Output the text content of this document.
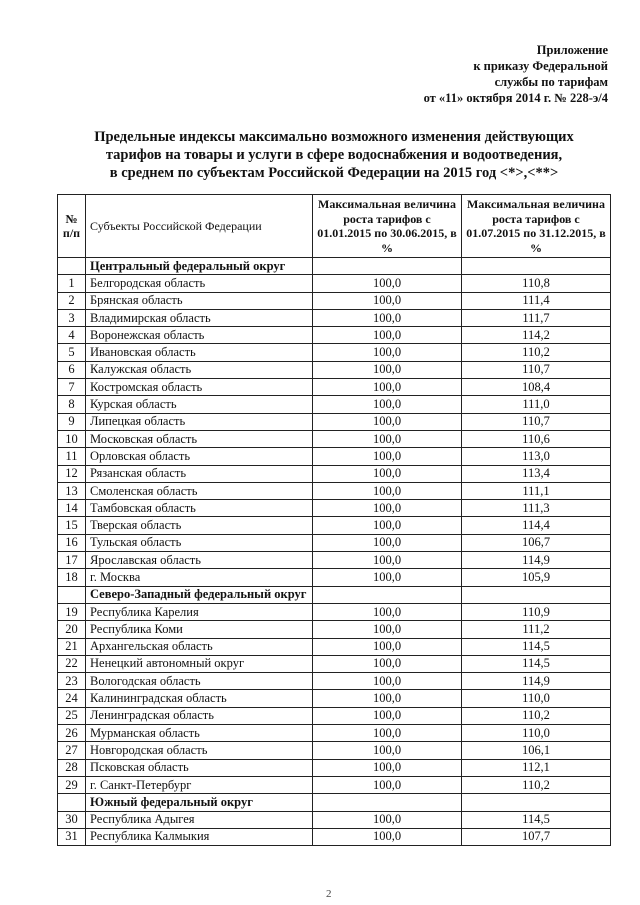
Приложение
к приказу Федеральной
службы по тарифам
от «11» октября 2014 г. № 228-э/4
Предельные индексы максимально возможного изменения действующих
тарифов на товары и услуги в сфере водоснабжения и водоотведения,
в среднем по субъектам Российской Федерации на 2015 год <*>,<**>
№ п/п	Субъекты Российской Федерации	Максимальная величина роста тарифов с 01.01.2015 по 30.06.2015, в %	Максимальная величина роста тарифов с 01.07.2015 по 31.12.2015, в %
	Центральный федеральный округ		
1	Белгородская область	100,0	110,8
2	Брянская область	100,0	111,4
3	Владимирская область	100,0	111,7
4	Воронежская область	100,0	114,2
5	Ивановская область	100,0	110,2
6	Калужская область	100,0	110,7
7	Костромская область	100,0	108,4
8	Курская область	100,0	111,0
9	Липецкая область	100,0	110,7
10	Московская область	100,0	110,6
11	Орловская область	100,0	113,0
12	Рязанская область	100,0	113,4
13	Смоленская область	100,0	111,1
14	Тамбовская область	100,0	111,3
15	Тверская область	100,0	114,4
16	Тульская область	100,0	106,7
17	Ярославская область	100,0	114,9
18	г. Москва	100,0	105,9
	Северо-Западный федеральный округ		
19	Республика Карелия	100,0	110,9
20	Республика Коми	100,0	111,2
21	Архангельская область	100,0	114,5
22	Ненецкий автономный округ	100,0	114,5
23	Вологодская область	100,0	114,9
24	Калининградская область	100,0	110,0
25	Ленинградская область	100,0	110,2
26	Мурманская область	100,0	110,0
27	Новгородская область	100,0	106,1
28	Псковская область	100,0	112,1
29	г. Санкт-Петербург	100,0	110,2
	Южный федеральный округ		
30	Республика Адыгея	100,0	114,5
31	Республика Калмыкия	100,0	107,7
2
